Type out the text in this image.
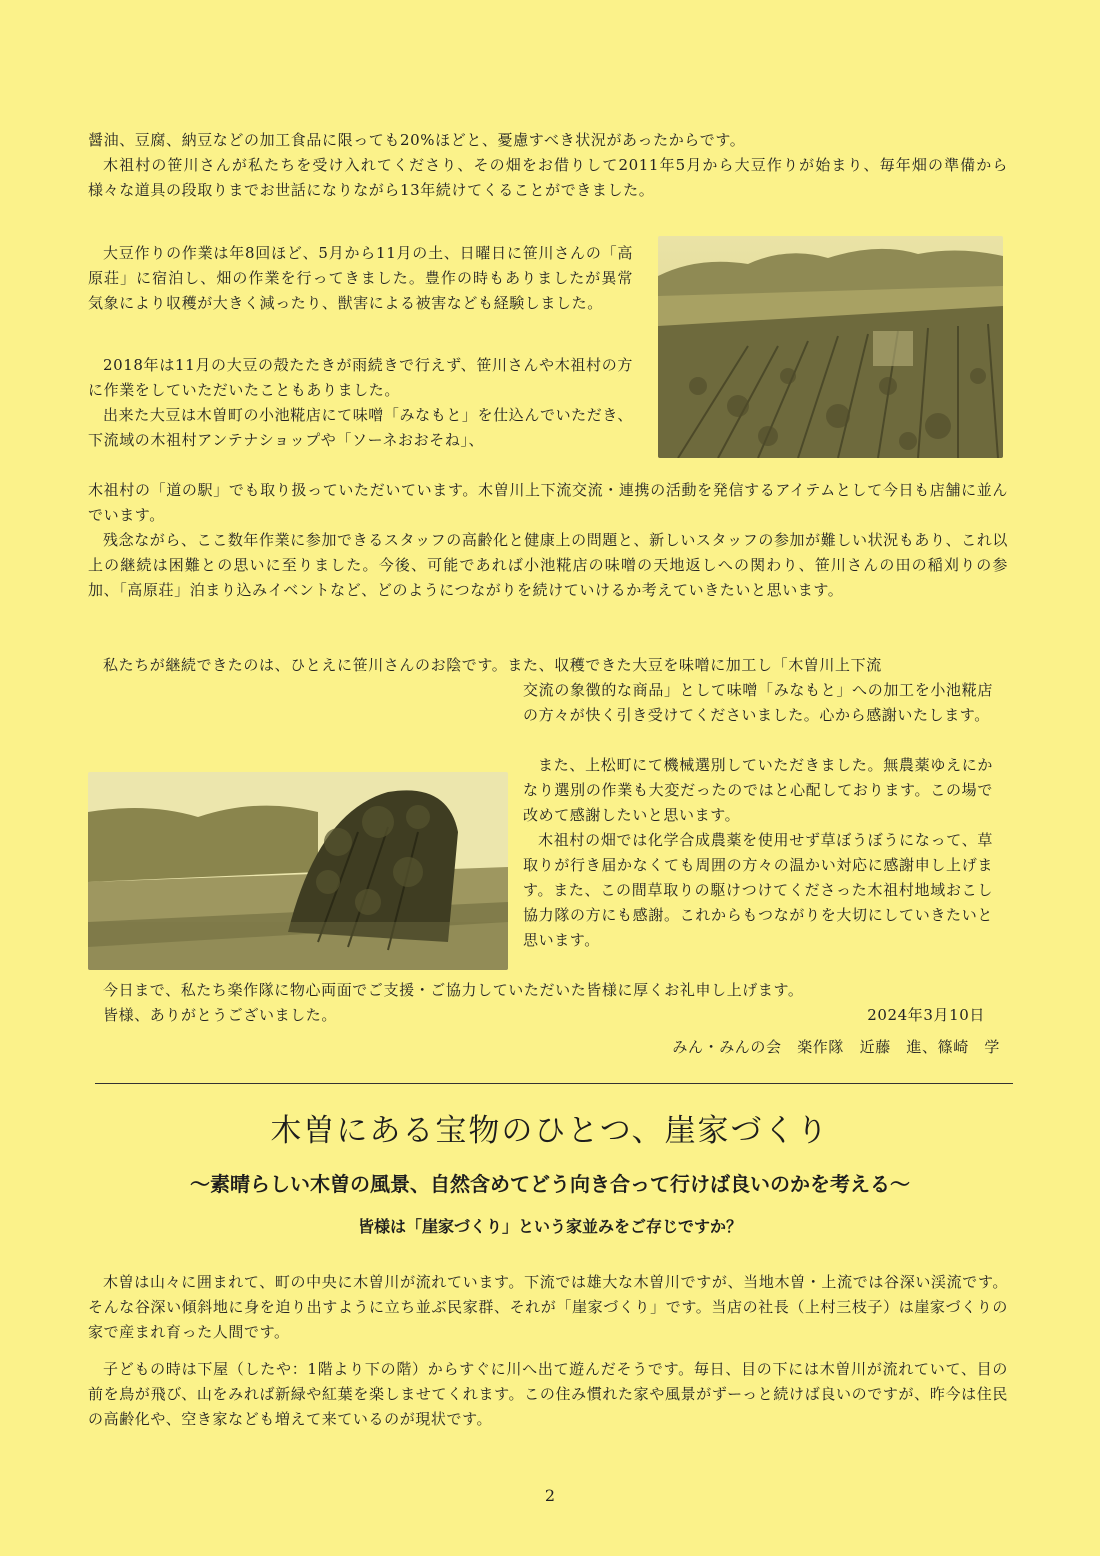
醤油、豆腐、納豆などの加工食品に限っても20%ほどと、憂慮すべき状況があったからです。

木祖村の笹川さんが私たちを受け入れてくださり、その畑をお借りして2011年5月から大豆作りが始まり、毎年畑の準備から様々な道具の段取りまでお世話になりながら13年続けてくることができました。

大豆作りの作業は年8回ほど、5月から11月の土、日曜日に笹川さんの「高原荘」に宿泊し、畑の作業を行ってきました。豊作の時もありましたが異常気象により収穫が大きく減ったり、獣害による被害なども経験しました。

2018年は11月の大豆の殻たたきが雨続きで行えず、笹川さんや木祖村の方に作業をしていただいたこともありました。

出来た大豆は木曽町の小池糀店にて味噌「みなもと」を仕込んでいただき、下流域の木祖村アンテナショップや「ソーネおおそね」、

木祖村の「道の駅」でも取り扱っていただいています。木曽川上下流交流・連携の活動を発信するアイテムとして今日も店舗に並んでいます。

残念ながら、ここ数年作業に参加できるスタッフの高齢化と健康上の問題と、新しいスタッフの参加が難しい状況もあり、これ以上の継続は困難との思いに至りました。今後、可能であれば小池糀店の味噌の天地返しへの関わり、笹川さんの田の稲刈りの参加、「高原荘」泊まり込みイベントなど、どのようにつながりを続けていけるか考えていきたいと思います。

私たちが継続できたのは、ひとえに笹川さんのお陰です。また、収穫できた大豆を味噌に加工し「木曽川上下流

交流の象徴的な商品」として味噌「みなもと」への加工を小池糀店の方々が快く引き受けてくださいました。心から感謝いたします。

また、上松町にて機械選別していただきました。無農薬ゆえにかなり選別の作業も大変だったのではと心配しております。この場で改めて感謝したいと思います。

木祖村の畑では化学合成農薬を使用せず草ぼうぼうになって、草取りが行き届かなくても周囲の方々の温かい対応に感謝申し上げます。また、この間草取りの駆けつけてくださった木祖村地域おこし協力隊の方にも感謝。これからもつながりを大切にしていきたいと思います。

今日まで、私たち楽作隊に物心両面でご支援・ご協力していただいた皆様に厚くお礼申し上げます。

皆様、ありがとうございました。	2024年3月10日

みん・みんの会　楽作隊　近藤　進、篠崎　学

木曽にある宝物のひとつ、崖家づくり
～素晴らしい木曽の風景、自然含めてどう向き合って行けば良いのかを考える～
皆様は「崖家づくり」という家並みをご存じですか？

木曽は山々に囲まれて、町の中央に木曽川が流れています。下流では雄大な木曽川ですが、当地木曽・上流では谷深い渓流です。そんな谷深い傾斜地に身を迫り出すように立ち並ぶ民家群、それが「崖家づくり」です。当店の社長（上村三枝子）は崖家づくりの家で産まれ育った人間です。

子どもの時は下屋（したや：1階より下の階）からすぐに川へ出て遊んだそうです。毎日、目の下には木曽川が流れていて、目の前を鳥が飛び、山をみれば新緑や紅葉を楽しませてくれます。この住み慣れた家や風景がずーっと続けば良いのですが、昨今は住民の高齢化や、空き家なども増えて来ているのが現状です。

2
